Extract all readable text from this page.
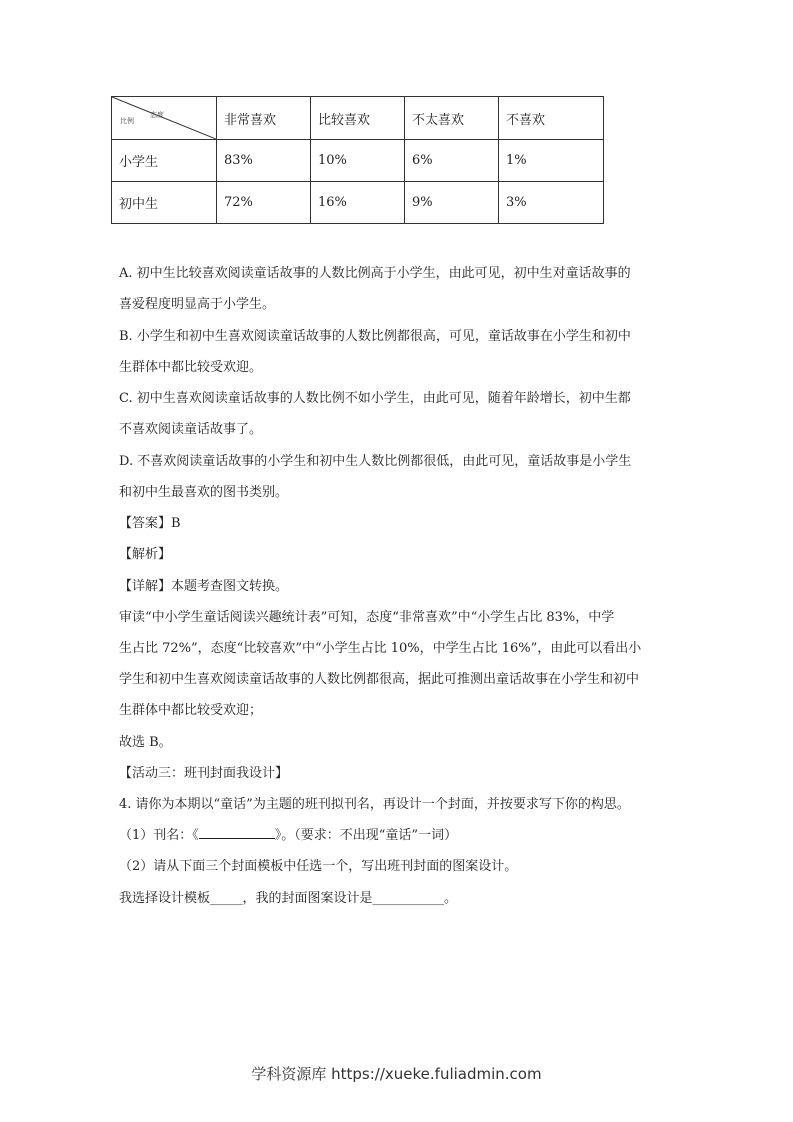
态度
比例	非常喜欢	比较喜欢	不太喜欢	不喜欢
小学生	83%	10%	6%	1%
初中生	72%	16%	9%	3%
A. 初中生比较喜欢阅读童话故事的人数比例高于小学生，由此可见，初中生对童话故事的
喜爱程度明显高于小学生。
B. 小学生和初中生喜欢阅读童话故事的人数比例都很高，可见，童话故事在小学生和初中
生群体中都比较受欢迎。
C. 初中生喜欢阅读童话故事的人数比例不如小学生，由此可见，随着年龄增长，初中生都
不喜欢阅读童话故事了。
D. 不喜欢阅读童话故事的小学生和初中生人数比例都很低，由此可见，童话故事是小学生
和初中生最喜欢的图书类别。
【答案】B
【解析】
【详解】本题考查图文转换。
审读“中小学生童话阅读兴趣统计表”可知，态度“非常喜欢”中“小学生占比 83%，中学
生占比 72%”，态度“比较喜欢”中“小学生占比 10%，中学生占比 16%”，由此可以看出小
学生和初中生喜欢阅读童话故事的人数比例都很高，据此可推测出童话故事在小学生和初中
生群体中都比较受欢迎；
故选 B。
【活动三：班刊封面我设计】
4. 请你为本期以“童话”为主题的班刊拟刊名，再设计一个封面，并按要求写下你的构思。
（1）刊名：《	》。（要求：不出现“童话”一词）
（2）请从下面三个封面模板中任选一个，写出班刊封面的图案设计。
我选择设计模板_____，我的封面图案设计是___________。
学科资源库 https://xueke.fuliadmin.com
